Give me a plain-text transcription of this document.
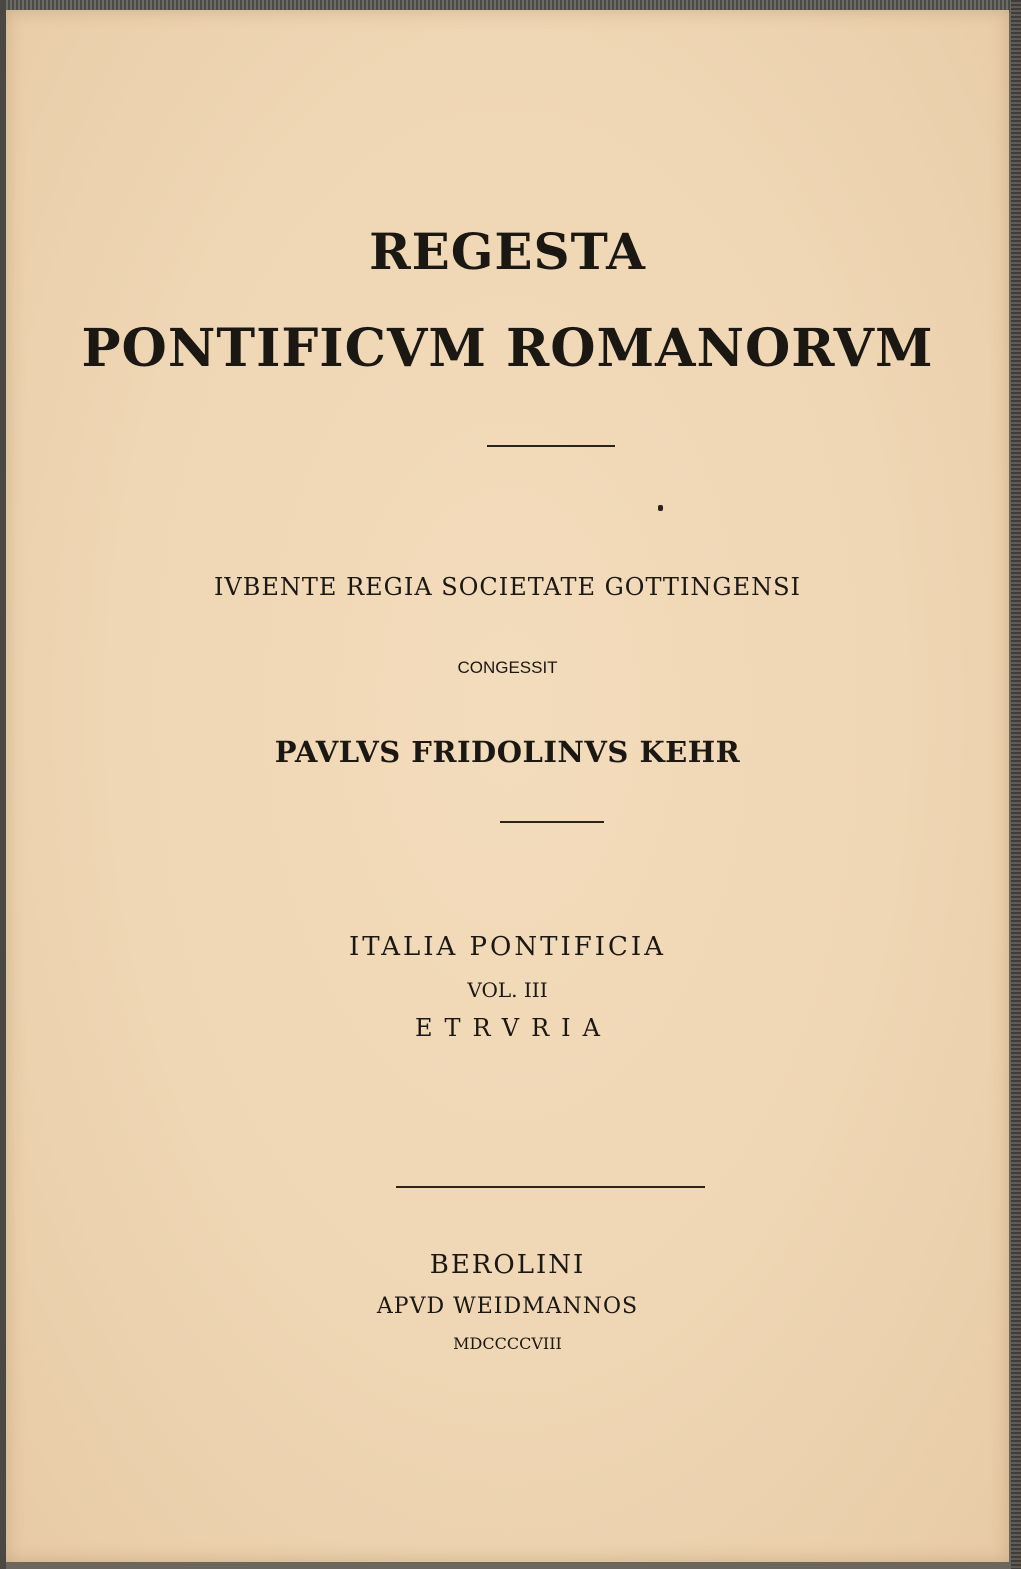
REGESTA
PONTIFICVM ROMANORVM
IVBENTE REGIA SOCIETATE GOTTINGENSI
CONGESSIT
PAVLVS FRIDOLINVS KEHR
ITALIA PONTIFICIA
VOL. III
ETRVRIA
BEROLINI
APVD WEIDMANNOS
MDCCCCVIII
